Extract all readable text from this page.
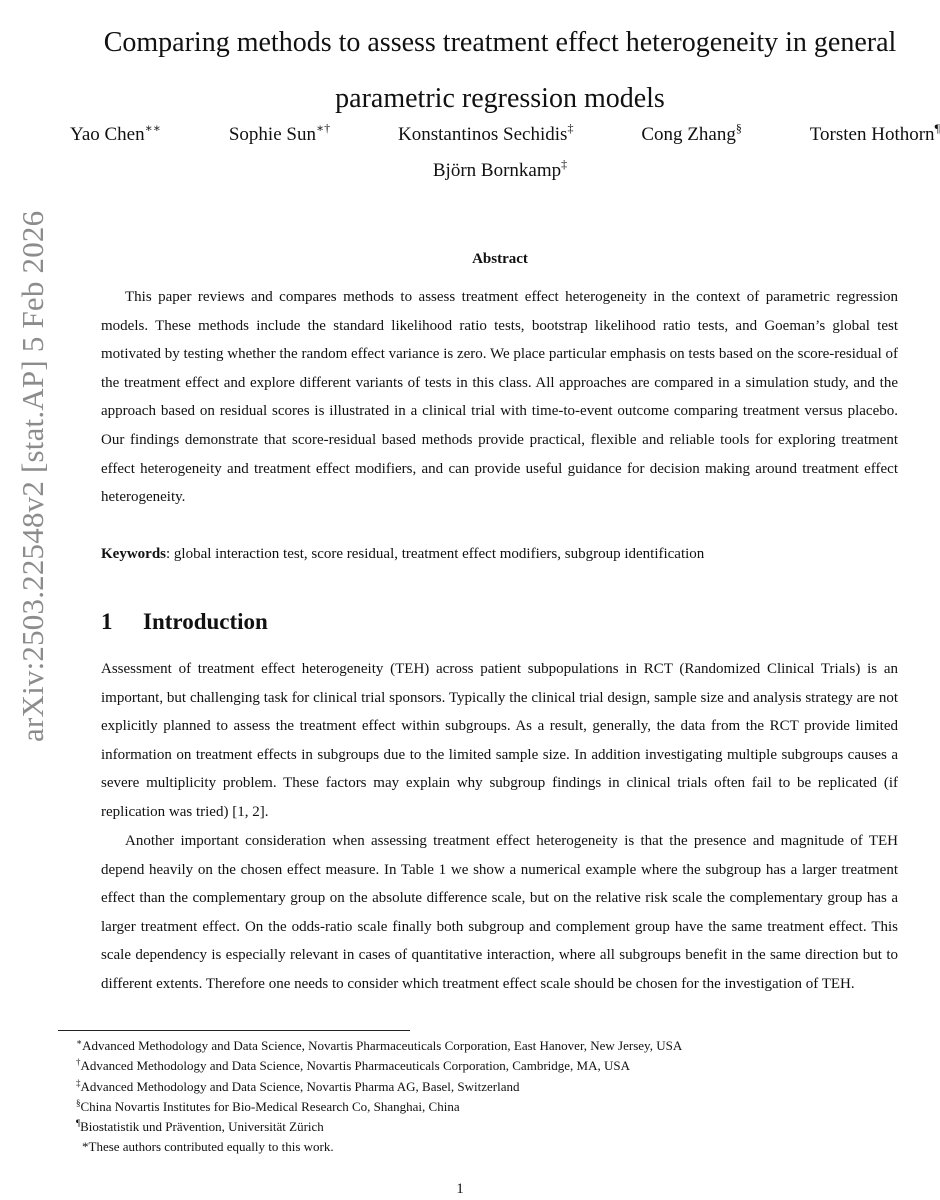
arXiv:2503.22548v2 [stat.AP] 5 Feb 2026
Comparing methods to assess treatment effect heterogeneity in general
parametric regression models
Yao Chen∗∗	Sophie Sun∗†	Konstantinos Sechidis‡	Cong Zhang§	Torsten Hothorn¶
Björn Bornkamp‡
Abstract

This paper reviews and compares methods to assess treatment effect heterogeneity in the context of parametric regression models. These methods include the standard likelihood ratio tests, bootstrap likelihood ratio tests, and Goeman’s global test motivated by testing whether the random effect variance is zero. We place particular emphasis on tests based on the score-residual of the treatment effect and explore different variants of tests in this class. All approaches are compared in a simulation study, and the approach based on residual scores is illustrated in a clinical trial with time-to-event outcome comparing treatment versus placebo. Our findings demonstrate that score-residual based methods provide practical, flexible and reliable tools for exploring treatment effect heterogeneity and treatment effect modifiers, and can provide useful guidance for decision making around treatment effect heterogeneity.

Keywords: global interaction test, score residual, treatment effect modifiers, subgroup identification
1 Introduction

Assessment of treatment effect heterogeneity (TEH) across patient subpopulations in RCT (Randomized Clinical Trials) is an important, but challenging task for clinical trial sponsors. Typically the clinical trial design, sample size and analysis strategy are not explicitly planned to assess the treatment effect within subgroups. As a result, generally, the data from the RCT provide limited information on treatment effects in subgroups due to the limited sample size. In addition investigating multiple subgroups causes a severe multiplicity problem. These factors may explain why subgroup findings in clinical trials often fail to be replicated (if replication was tried) [1, 2].

Another important consideration when assessing treatment effect heterogeneity is that the presence and magnitude of TEH depend heavily on the chosen effect measure. In Table 1 we show a numerical example where the subgroup has a larger treatment effect than the complementary group on the absolute difference scale, but on the relative risk scale the complementary group has a larger treatment effect. On the odds-ratio scale finally both subgroup and complement group have the same treatment effect. This scale dependency is especially relevant in cases of quantitative interaction, where all subgroups benefit in the same direction but to different extents. Therefore one needs to consider which treatment effect scale should be chosen for the investigation of TEH.

∗Advanced Methodology and Data Science, Novartis Pharmaceuticals Corporation, East Hanover, New Jersey, USA
†Advanced Methodology and Data Science, Novartis Pharmaceuticals Corporation, Cambridge, MA, USA
‡Advanced Methodology and Data Science, Novartis Pharma AG, Basel, Switzerland
§China Novartis Institutes for Bio-Medical Research Co, Shanghai, China
¶Biostatistik und Prävention, Universität Zürich
*These authors contributed equally to this work.
1
